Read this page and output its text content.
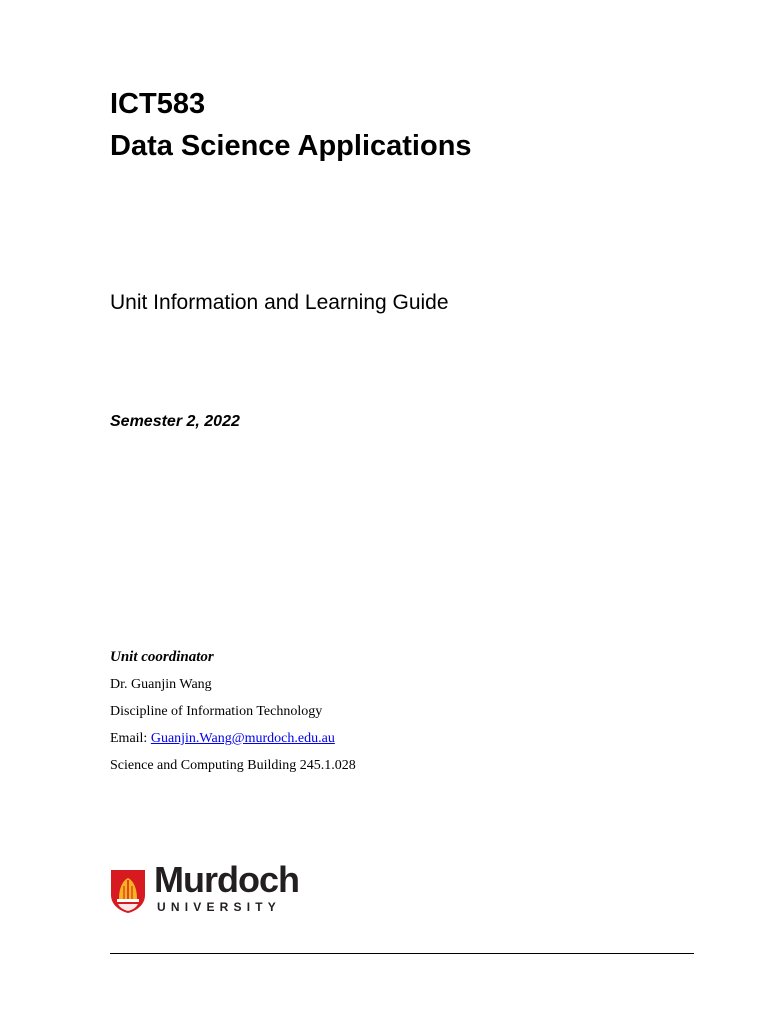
ICT583
Data Science Applications

Unit Information and Learning Guide

Semester 2, 2022

Unit coordinator

Dr. Guanjin Wang

Discipline of Information Technology

Email: Guanjin.Wang@murdoch.edu.au

Science and Computing Building 245.1.028

Murdoch
UNIVERSITY
